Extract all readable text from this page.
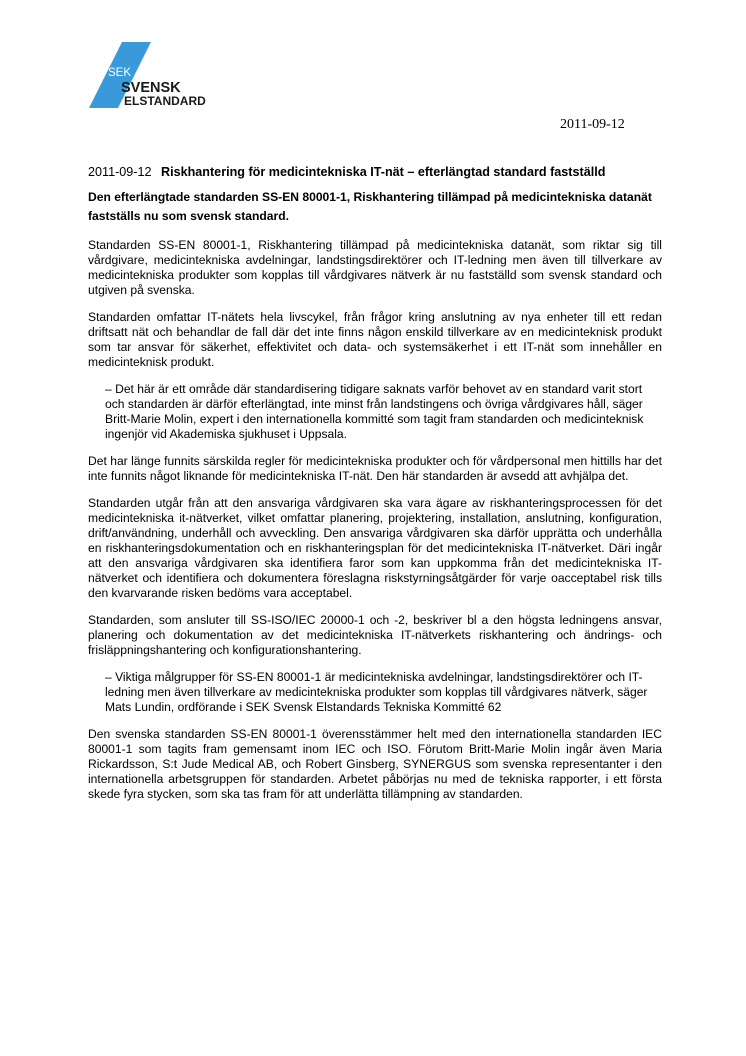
SEK
SVENSK
ELSTANDARD
2011-09-12
2011-09-12 Riskhantering för medicintekniska IT-nät – efterlängtad standard fastställd

Den efterlängtade standarden SS-EN 80001-1, Riskhantering tillämpad på medicintekniska datanät fastställs nu som svensk standard.

Standarden SS-EN 80001-1, Riskhantering tillämpad på medicintekniska datanät, som riktar sig till vårdgivare, medicintekniska avdelningar, landstingsdirektörer och IT-ledning men även till tillverkare av medicintekniska produkter som kopplas till vårdgivares nätverk är nu fastställd som svensk standard och utgiven på svenska.

Standarden omfattar IT-nätets hela livscykel, från frågor kring anslutning av nya enheter till ett redan driftsatt nät och behandlar de fall där det inte finns någon enskild tillverkare av en medicinteknisk produkt som tar ansvar för säkerhet, effektivitet och data- och systemsäkerhet i ett IT-nät som innehåller en medicinteknisk produkt.

– Det här är ett område där standardisering tidigare saknats varför behovet av en standard varit stort och standarden är därför efterlängtad, inte minst från landstingens och övriga vårdgivares håll, säger Britt-Marie Molin, expert i den internationella kommitté som tagit fram standarden och medicinteknisk ingenjör vid Akademiska sjukhuset i Uppsala.

Det har länge funnits särskilda regler för medicintekniska produkter och för vårdpersonal men hittills har det inte funnits något liknande för medicintekniska IT-nät. Den här standarden är avsedd att avhjälpa det.

Standarden utgår från att den ansvariga vårdgivaren ska vara ägare av riskhanteringsprocessen för det medicintekniska it-nätverket, vilket omfattar planering, projektering, installation, anslutning, konfiguration, drift/användning, underhåll och avveckling. Den ansvariga vårdgivaren ska därför upprätta och underhålla en riskhanteringsdokumentation och en riskhanteringsplan för det medicintekniska IT-nätverket. Däri ingår att den ansvariga vårdgivaren ska identifiera faror som kan uppkomma från det medicintekniska IT-nätverket och identifiera och dokumentera föreslagna riskstyrningsåtgärder för varje oacceptabel risk tills den kvarvarande risken bedöms vara acceptabel.

Standarden, som ansluter till SS-ISO/IEC 20000-1 och -2, beskriver bl a den högsta ledningens ansvar, planering och dokumentation av det medicintekniska IT-nätverkets riskhantering och ändrings- och frisläppningshantering och konfigurationshantering.

– Viktiga målgrupper för SS-EN 80001-1 är medicintekniska avdelningar, landstingsdirektörer och IT-ledning men även tillverkare av medicintekniska produkter som kopplas till vårdgivares nätverk, säger Mats Lundin, ordförande i SEK Svensk Elstandards Tekniska Kommitté 62

Den svenska standarden SS-EN 80001-1 överensstämmer helt med den internationella standarden IEC 80001-1 som tagits fram gemensamt inom IEC och ISO. Förutom Britt-Marie Molin ingår även Maria Rickardsson, S:t Jude Medical AB, och Robert Ginsberg, SYNERGUS som svenska representanter i den internationella arbetsgruppen för standarden. Arbetet påbörjas nu med de tekniska rapporter, i ett första skede fyra stycken, som ska tas fram för att underlätta tillämpning av standarden.
